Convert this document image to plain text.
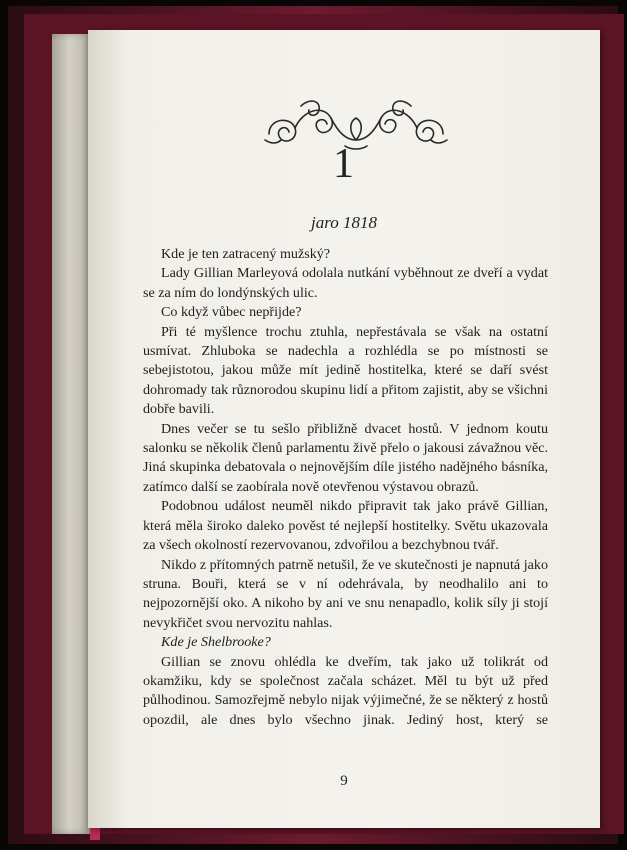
1
jaro 1818

Kde je ten zatracený mužský?

Lady Gillian Marleyová odolala nutkání vyběhnout ze dveří a vydat se za ním do londýnských ulic.

Co když vůbec nepřijde?

Při té myšlence trochu ztuhla, nepřestávala se však na ostatní usmívat. Zhluboka se nadechla a rozhlédla se po místnosti se sebejistotou, jakou může mít jedině hostitelka, které se daří svést dohromady tak různorodou skupinu lidí a přitom zajistit, aby se všichni dobře bavili.

Dnes večer se tu sešlo přibližně dvacet hostů. V jednom koutu salonku se několik členů parlamentu živě přelo o jakousi závažnou věc. Jiná skupinka debatovala o nejnovějším díle jistého nadějného básníka, zatímco další se zaobírala nově otevřenou výstavou obrazů.

Podobnou událost neuměl nikdo připravit tak jako právě Gillian, která měla široko daleko pověst té nejlepší hostitelky. Světu ukazovala za všech okolností rezervovanou, zdvořilou a bezchybnou tvář.

Nikdo z přítomných patrně netušil, že ve skutečnosti je napnutá jako struna. Bouři, která se v ní odehrávala, by neodhalilo ani to nejpozornější oko. A nikoho by ani ve snu nenapadlo, kolik síly ji stojí nevykřičet svou nervozitu nahlas.

Kde je Shelbrooke?

Gillian se znovu ohlédla ke dveřím, tak jako už tolikrát od okamžiku, kdy se společnost začala scházet. Měl tu být už před půlhodinou. Samozřejmě nebylo nijak výjimečné, že se některý z hostů opozdil, ale dnes bylo všechno jinak. Jediný host, který se

9
